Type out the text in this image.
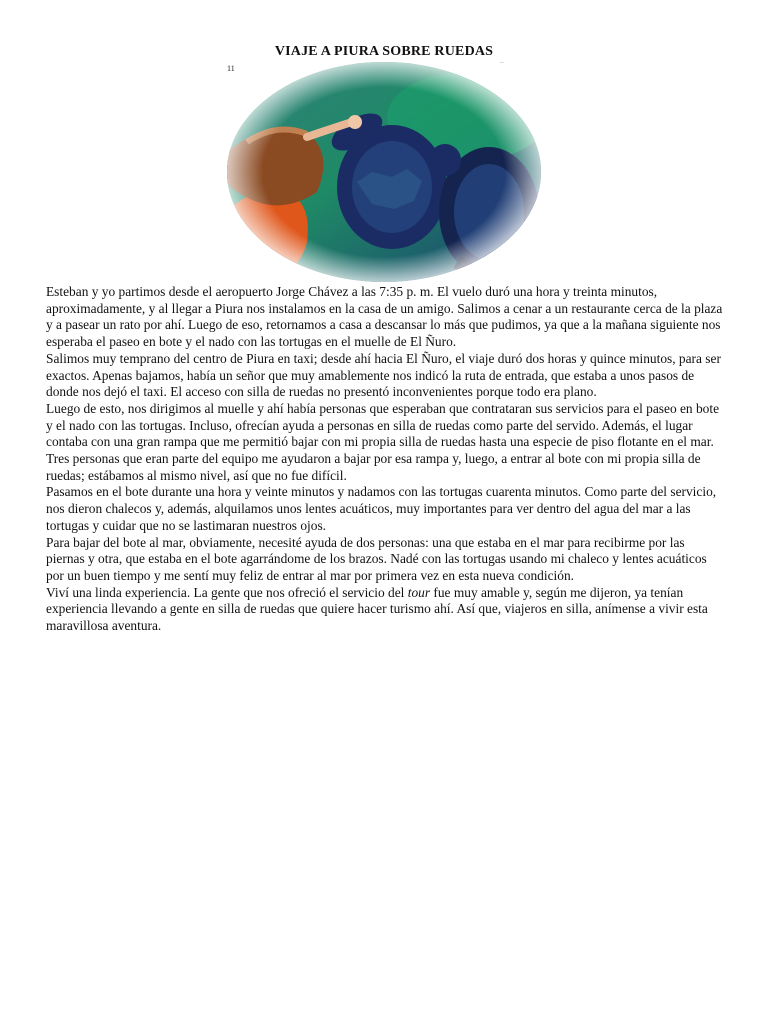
VIAJE A PIURA SOBRE RUEDAS
11
...

Esteban y yo partimos desde el aeropuerto Jorge Chávez a las 7:35 p. m. El vuelo duró una hora y treinta minutos, aproximadamente, y al llegar a Piura nos instalamos en la casa de un amigo. Salimos a cenar a un restaurante cerca de la plaza y a pasear un rato por ahí. Luego de eso, retornamos a casa a descansar lo más que pudimos, ya que a la mañana siguiente nos esperaba el paseo en bote y el nado con las tortugas en el muelle de El Ñuro.

Salimos muy temprano del centro de Piura en taxi; desde ahí hacia El Ñuro, el viaje duró dos horas y quince minutos, para ser exactos. Apenas bajamos, había un señor que muy amablemente nos indicó la ruta de entrada, que estaba a unos pasos de donde nos dejó el taxi. El acceso con silla de ruedas no presentó inconvenientes porque todo era plano.

Luego de esto, nos dirigimos al muelle y ahí había personas que esperaban que contrataran sus servicios para el paseo en bote y el nado con las tortugas. Incluso, ofrecían ayuda a personas en silla de ruedas como parte del servido. Además, el lugar contaba con una gran rampa que me permitió bajar con mi propia silla de ruedas hasta una especie de piso flotante en el mar.

Tres personas que eran parte del equipo me ayudaron a bajar por esa rampa y, luego, a entrar al bote con mi propia silla de ruedas; estábamos al mismo nivel, así que no fue difícil.

Pasamos en el bote durante una hora y veinte minutos y nadamos con las tortugas cuarenta minutos. Como parte del servicio, nos dieron chalecos y, además, alquilamos unos lentes acuáticos, muy importantes para ver dentro del agua del mar a las tortugas y cuidar que no se lastimaran nuestros ojos.

Para bajar del bote al mar, obviamente, necesité ayuda de dos personas: una que estaba en el mar para recibirme por las piernas y otra, que estaba en el bote agarrándome de los brazos. Nadé con las tortugas usando mi chaleco y lentes acuáticos por un buen tiempo y me sentí muy feliz de entrar al mar por primera vez en esta nueva condición.

Viví una linda experiencia. La gente que nos ofreció el servicio del tour fue muy amable y, según me dijeron, ya tenían experiencia llevando a gente en silla de ruedas que quiere hacer turismo ahí. Así que, viajeros en silla, anímense a vivir esta maravillosa aventura.
